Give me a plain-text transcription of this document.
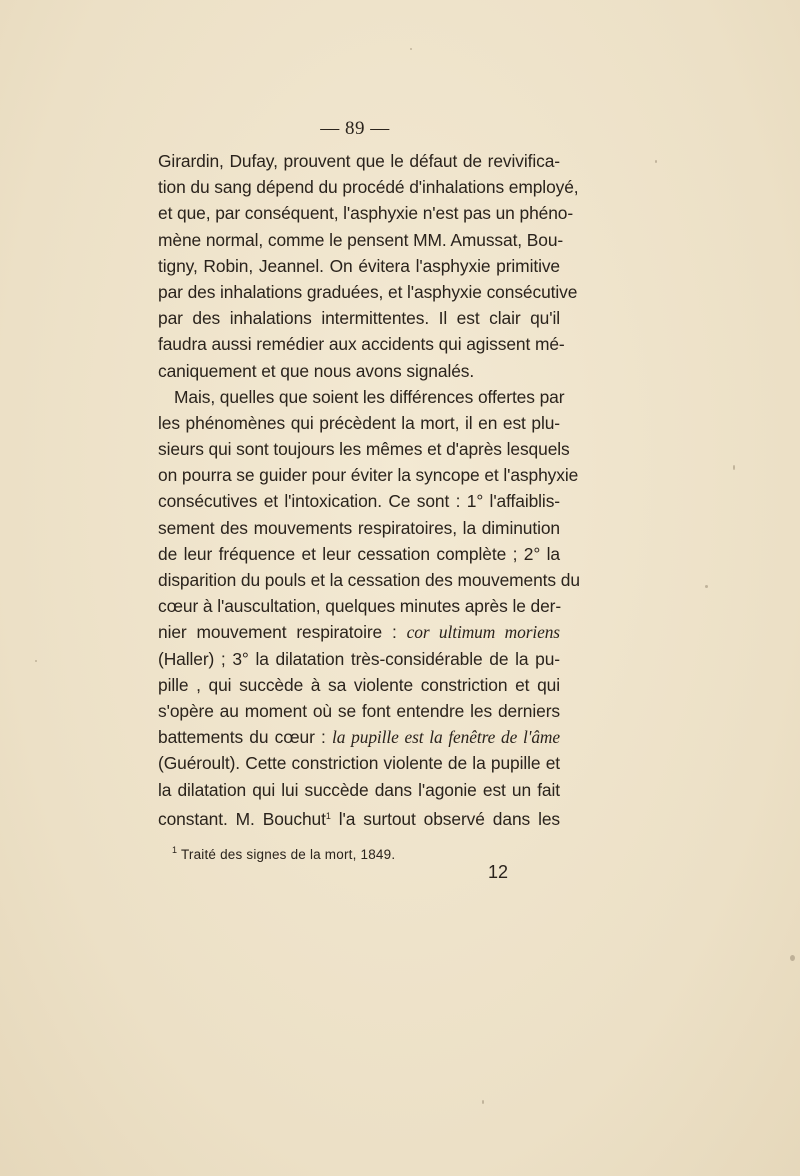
— 89 —
Girardin, Dufay, prouvent que le défaut de revivifica-
tion du sang dépend du procédé d'inhalations employé,
et que, par conséquent, l'asphyxie n'est pas un phéno-
mène normal, comme le pensent MM. Amussat, Bou-
tigny, Robin, Jeannel. On évitera l'asphyxie primitive
par des inhalations graduées, et l'asphyxie consécutive
par des inhalations intermittentes. Il est clair qu'il
faudra aussi remédier aux accidents qui agissent mé-
caniquement et que nous avons signalés.
Mais, quelles que soient les différences offertes par
les phénomènes qui précèdent la mort, il en est plu-
sieurs qui sont toujours les mêmes et d'après lesquels
on pourra se guider pour éviter la syncope et l'asphyxie
consécutives et l'intoxication. Ce sont : 1° l'affaiblis-
sement des mouvements respiratoires, la diminution
de leur fréquence et leur cessation complète ; 2° la
disparition du pouls et la cessation des mouvements du
cœur à l'auscultation, quelques minutes après le der-
nier mouvement respiratoire : cor ultimum moriens
(Haller) ; 3° la dilatation très-considérable de la pu-
pille , qui succède à sa violente constriction et qui
s'opère au moment où se font entendre les derniers
battements du cœur : la pupille est la fenêtre de l'âme
(Guéroult). Cette constriction violente de la pupille et
la dilatation qui lui succède dans l'agonie est un fait
constant. M. Bouchut$^1$ l'a surtout observé dans les
$^1$ Traité des signes de la mort, 1849.
12
